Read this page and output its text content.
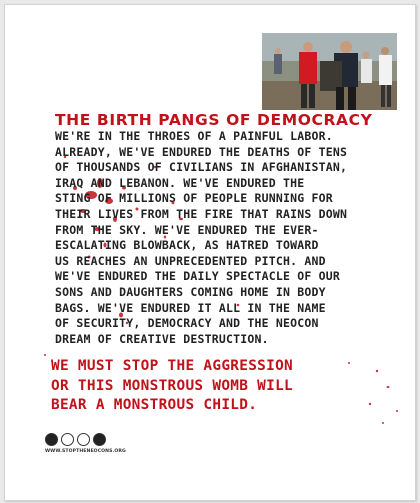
THE BIRTH PANGS OF DEMOCRACY
WE'RE IN THE THROES OF A PAINFUL LABOR.
ALREADY, WE'VE ENDURED THE DEATHS OF TENS
OF THOUSANDS OF CIVILIANS IN AFGHANISTAN,
IRAQ AND LEBANON. WE'VE ENDURED THE
STING OF MILLIONS OF PEOPLE RUNNING FOR
THEIR LIVES FROM THE FIRE THAT RAINS DOWN
FROM THE SKY. WE'VE ENDURED THE EVER-
ESCALATING BLOWBACK, AS HATRED TOWARD
US REACHES AN UNPRECEDENTED PITCH. AND
WE'VE ENDURED THE DAILY SPECTACLE OF OUR
SONS AND DAUGHTERS COMING HOME IN BODY
BAGS. WE'VE ENDURED IT ALL IN THE NAME
OF SECURITY, DEMOCRACY AND THE NEOCON
DREAM OF CREATIVE DESTRUCTION.
WE MUST STOP THE AGGRESSION
OR THIS MONSTROUS WOMB WILL
BEAR A MONSTROUS CHILD.
WWW.STOPTHENEOCONS.ORG
